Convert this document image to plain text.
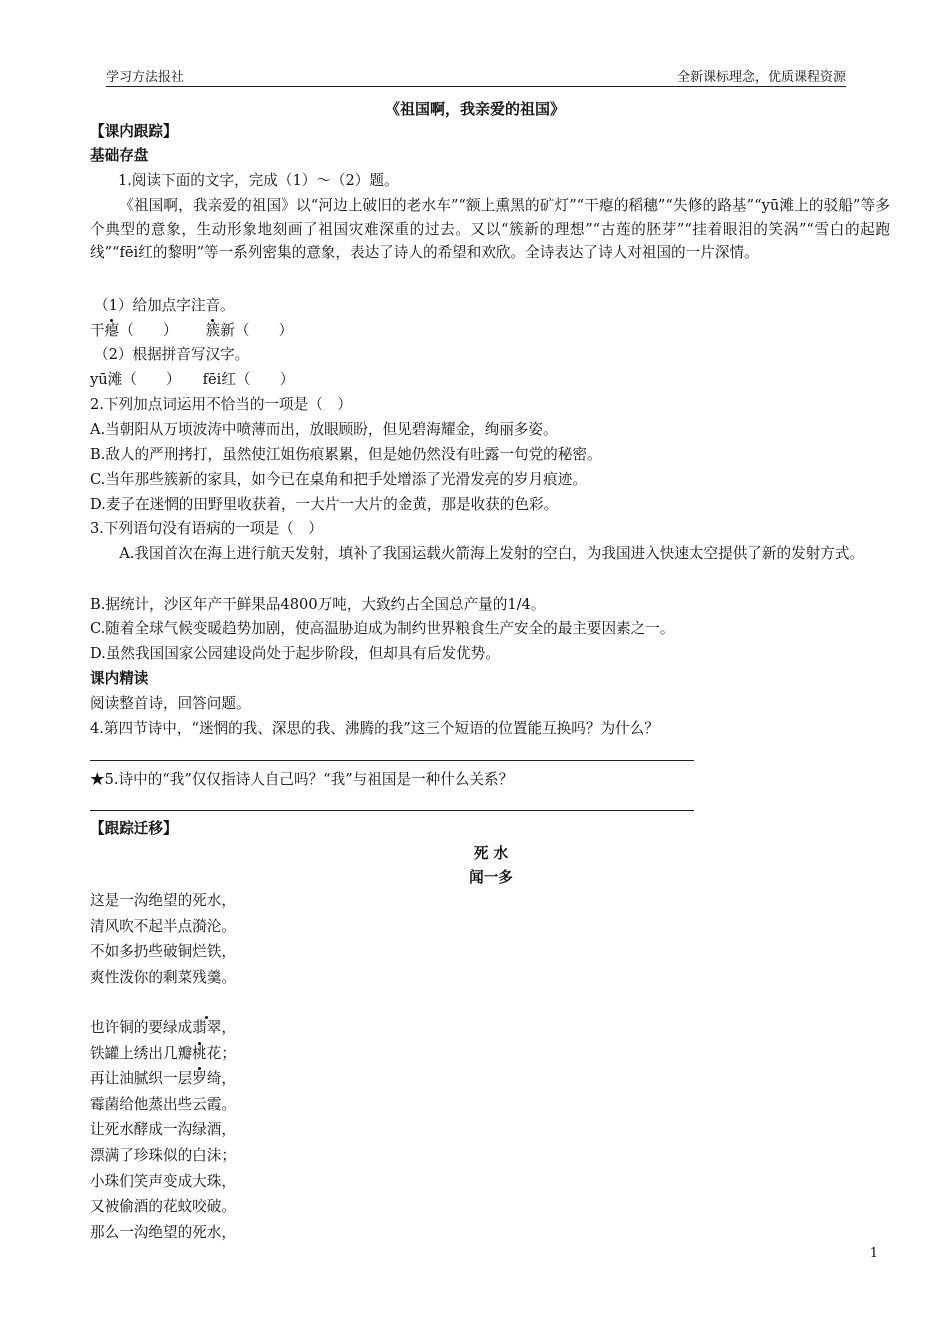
学习方法报社	全新课标理念，优质课程资源
《祖国啊，我亲爱的祖国》
【课内跟踪】
基础存盘
1.阅读下面的文字，完成（1）～（2）题。
《祖国啊，我亲爱的祖国》以“河边上破旧的老水车”“额上熏黑的矿灯”“干瘪的稻穗”“失修的路基”“yū滩上的驳船”等多个典型的意象，生动形象地刻画了祖国灾难深重的过去。又以“簇新的理想”“古莲的胚芽”“挂着眼泪的笑涡”“雪白的起跑线”“fēi红的黎明”等一系列密集的意象，表达了诗人的希望和欢欣。全诗表达了诗人对祖国的一片深情。
（1）给加点字注音。
干瘪（　　） 簇新（　　）
（2）根据拼音写汉字。
yū滩（　　） fēi红（　　）
2.下列加点词运用不恰当的一项是（　）
A.当朝阳从万顷波涛中喷薄而出，放眼顾盼，但见碧海耀金，绚丽多姿。
B.敌人的严刑拷打，虽然使江姐伤痕累累，但是她仍然没有吐露一句党的秘密。
C.当年那些簇新的家具，如今已在桌角和把手处增添了光滑发亮的岁月痕迹。
D.麦子在迷惘的田野里收获着，一大片一大片的金黄，那是收获的色彩。
3.下列语句没有语病的一项是（　）
A.我国首次在海上进行航天发射，填补了我国运载火箭海上发射的空白，为我国进入快速太空提供了新的发射方式。
B.据统计，沙区年产干鲜果品4800万吨，大致约占全国总产量的1/4。
C.随着全球气候变暖趋势加剧，使高温胁迫成为制约世界粮食生产安全的最主要因素之一。
D.虽然我国国家公园建设尚处于起步阶段，但却具有后发优势。
课内精读
阅读整首诗，回答问题。
4.第四节诗中，“迷惘的我、深思的我、沸腾的我”这三个短语的位置能互换吗？为什么？
★5.诗中的“我”仅仅指诗人自己吗？“我”与祖国是一种什么关系？
【跟踪迁移】
死 水
闻一多
这是一沟绝望的死水，
清风吹不起半点漪沦。
不如多扔些破铜烂铁，
爽性泼你的剩菜残羹。
也许铜的要绿成翡翠，
铁罐上绣出几瓣桃花；
再让油腻织一层罗绮，
霉菌给他蒸出些云霞。
让死水酵成一沟绿酒，
漂满了珍珠似的白沫；
小珠们笑声变成大珠，
又被偷酒的花蚊咬破。
那么一沟绝望的死水，
1
